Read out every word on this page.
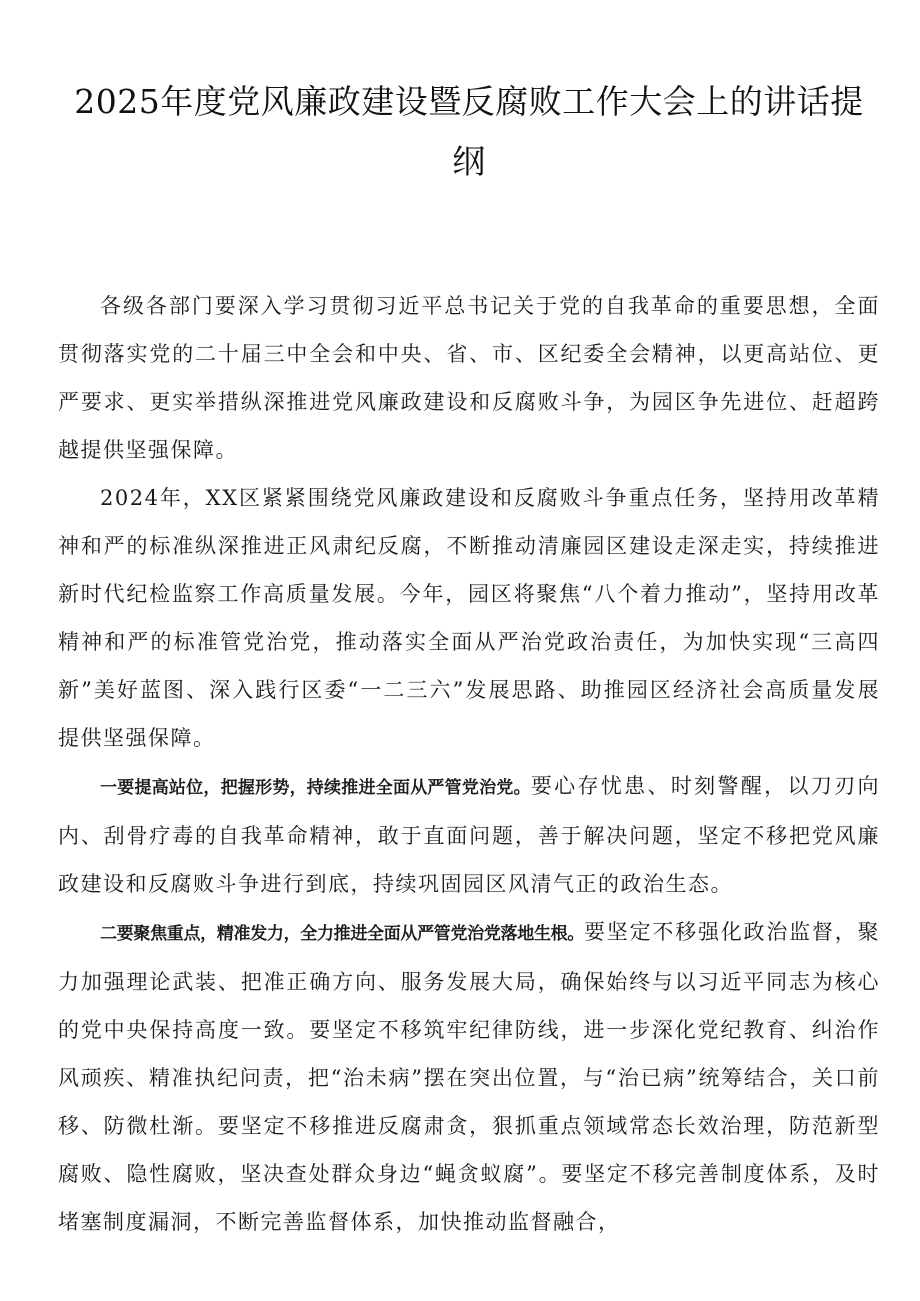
2025年度党风廉政建设暨反腐败工作大会上的讲话提纲

各级各部门要深入学习贯彻习近平总书记关于党的自我革命的重要思想，全面贯彻落实党的二十届三中全会和中央、省、市、区纪委全会精神，以更高站位、更严要求、更实举措纵深推进党风廉政建设和反腐败斗争，为园区争先进位、赶超跨越提供坚强保障。

2024年，XX区紧紧围绕党风廉政建设和反腐败斗争重点任务，坚持用改革精神和严的标准纵深推进正风肃纪反腐，不断推动清廉园区建设走深走实，持续推进新时代纪检监察工作高质量发展。今年，园区将聚焦“八个着力推动”，坚持用改革精神和严的标准管党治党，推动落实全面从严治党政治责任，为加快实现“三高四新”美好蓝图、深入践行区委“一二三六”发展思路、助推园区经济社会高质量发展提供坚强保障。

一要提高站位，把握形势，持续推进全面从严管党治党。要心存忧患、时刻警醒，以刀刃向内、刮骨疗毒的自我革命精神，敢于直面问题，善于解决问题，坚定不移把党风廉政建设和反腐败斗争进行到底，持续巩固园区风清气正的政治生态。

二要聚焦重点，精准发力，全力推进全面从严管党治党落地生根。要坚定不移强化政治监督，聚力加强理论武装、把准正确方向、服务发展大局，确保始终与以习近平同志为核心的党中央保持高度一致。要坚定不移筑牢纪律防线，进一步深化党纪教育、纠治作风顽疾、精准执纪问责，把“治未病”摆在突出位置，与“治已病”统筹结合，关口前移、防微杜渐。要坚定不移推进反腐肃贪，狠抓重点领域常态长效治理，防范新型腐败、隐性腐败，坚决查处群众身边“蝇贪蚁腐”。要坚定不移完善制度体系，及时堵塞制度漏洞，不断完善监督体系，加快推动监督融合，
